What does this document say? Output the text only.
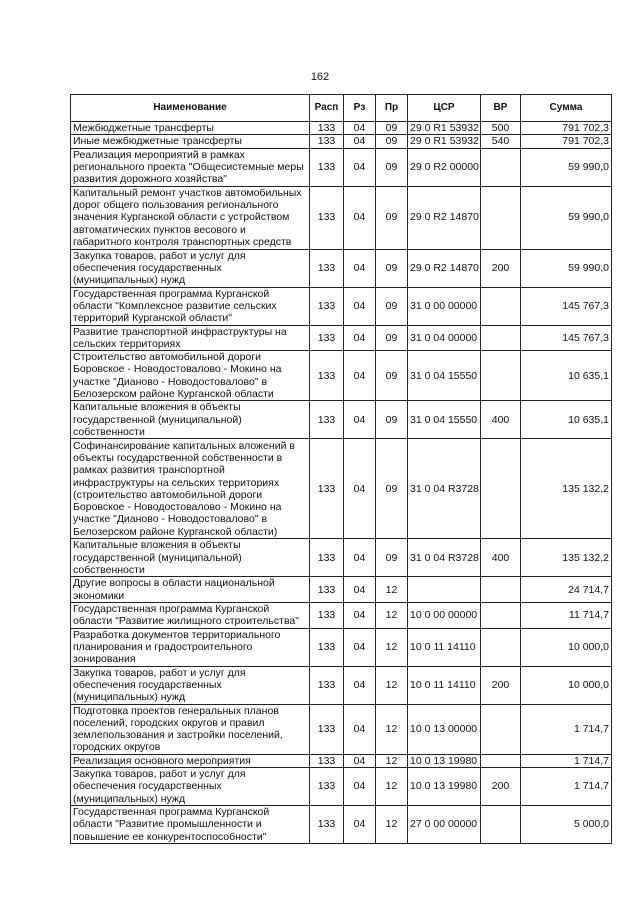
162
Наименование	Расп	Рз	Пр	ЦСР	ВР	Сумма
Межбюджетные трансферты	133	04	09	29 0 R1 53932	500	791 702,3
Иные межбюджетные трансферты	133	04	09	29 0 R1 53932	540	791 702,3
Реализация мероприятий в рамках регионального проекта "Общесистемные меры развития дорожного хозяйства"	133	04	09	29 0 R2 00000		59 990,0
Капитальный ремонт участков автомобильных дорог общего пользования регионального значения Курганской области с устройством автоматических пунктов весового и габаритного контроля транспортных средств	133	04	09	29 0 R2 14870		59 990,0
Закупка товаров, работ и услуг для обеспечения государственных (муниципальных) нужд	133	04	09	29 0 R2 14870	200	59 990,0
Государственная программа Курганской области "Комплексное развитие сельских территорий Курганской области"	133	04	09	31 0 00 00000		145 767,3
Развитие транспортной инфраструктуры на сельских территориях	133	04	09	31 0 04 00000		145 767,3
Строительство автомобильной дороги Боровское - Новодостовалово - Мокино на участке "Дианово - Новодостовалово" в Белозерском районе Курганской области	133	04	09	31 0 04 15550		10 635,1
Капитальные вложения в объекты государственной (муниципальной) собственности	133	04	09	31 0 04 15550	400	10 635,1
Софинансирование капитальных вложений в объекты государственной собственности в рамках развития транспортной инфраструктуры на сельских территориях (строительство автомобильной дороги Боровское - Новодостовалово - Мокино на участке "Дианово - Новодостовалово" в Белозерском районе Курганской области)	133	04	09	31 0 04 R3728		135 132,2
Капитальные вложения в объекты государственной (муниципальной) собственности	133	04	09	31 0 04 R3728	400	135 132,2
Другие вопросы в области национальной экономики	133	04	12			24 714,7
Государственная программа Курганской области "Развитие жилищного строительства"	133	04	12	10 0 00 00000		11 714,7
Разработка документов территориального планирования и градостроительного зонирования	133	04	12	10 0 11 14110		10 000,0
Закупка товаров, работ и услуг для обеспечения государственных (муниципальных) нужд	133	04	12	10 0 11 14110	200	10 000,0
Подготовка проектов генеральных планов поселений, городских округов и правил землепользования и застройки поселений, городских округов	133	04	12	10 0 13 00000		1 714,7
Реализация основного мероприятия	133	04	12	10 0 13 19980		1 714,7
Закупка товаров, работ и услуг для обеспечения государственных (муниципальных) нужд	133	04	12	10 0 13 19980	200	1 714,7
Государственная программа Курганской области "Развитие промышленности и повышение ее конкурентоспособности"	133	04	12	27 0 00 00000		5 000,0
